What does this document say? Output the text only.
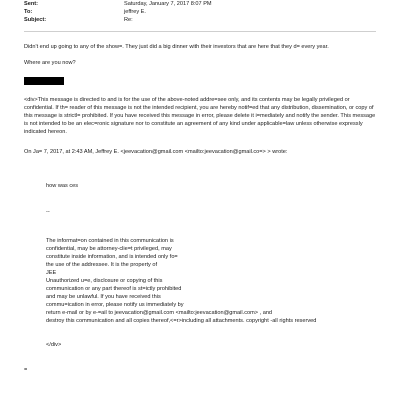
Sent:	Saturday, January 7, 2017 8:07 PM
To:	jeffrey E.
Subject:	Re:

Didn't end up going to any of the show=. They just did a big dinner with their investors that are here that they d= every year.

Where are you now?

<div>This message is directed to and is for the use of the above-noted addre=see only, and its contents may be legally privileged or confidential. If th= reader of this message is not the intended recipient, you are hereby notif=ed that any distribution, dissemination, or copy of this message is strictl= prohibited. If you have received this message in error, please delete it i=mediately and notify the sender. This message is not intended to be an elec=ronic signature nor to constitute an agreement of any kind under applicable=law unless otherwise expressly indicated hereon.

On Ja= 7, 2017, at 2:43 AM, Jeffrey E. <jeevacation@gmail.com <mailto:jeevacation@gmail.co=> > wrote:

how was ces

--

The informat=on contained in this communication is

confidential, may be attorney-clie=t privileged, may

constitute inside information, and is intended only fo=

the use of the addressee. It is the property of

JEE

Unauthorized u=e, disclosure or copying of this

communication or any part thereof is st=ictly prohibited

and may be unlawful. If you have received this

commu=ication in error, please notify us immediately by

return e-mail or by e-=ail to jeevacation@gmail.com <mailto:jeevacation@gmail.com> , and

destroy this communication and all copies thereof,<=r>including all attachments. copyright -all rights reserved

</div>

=
